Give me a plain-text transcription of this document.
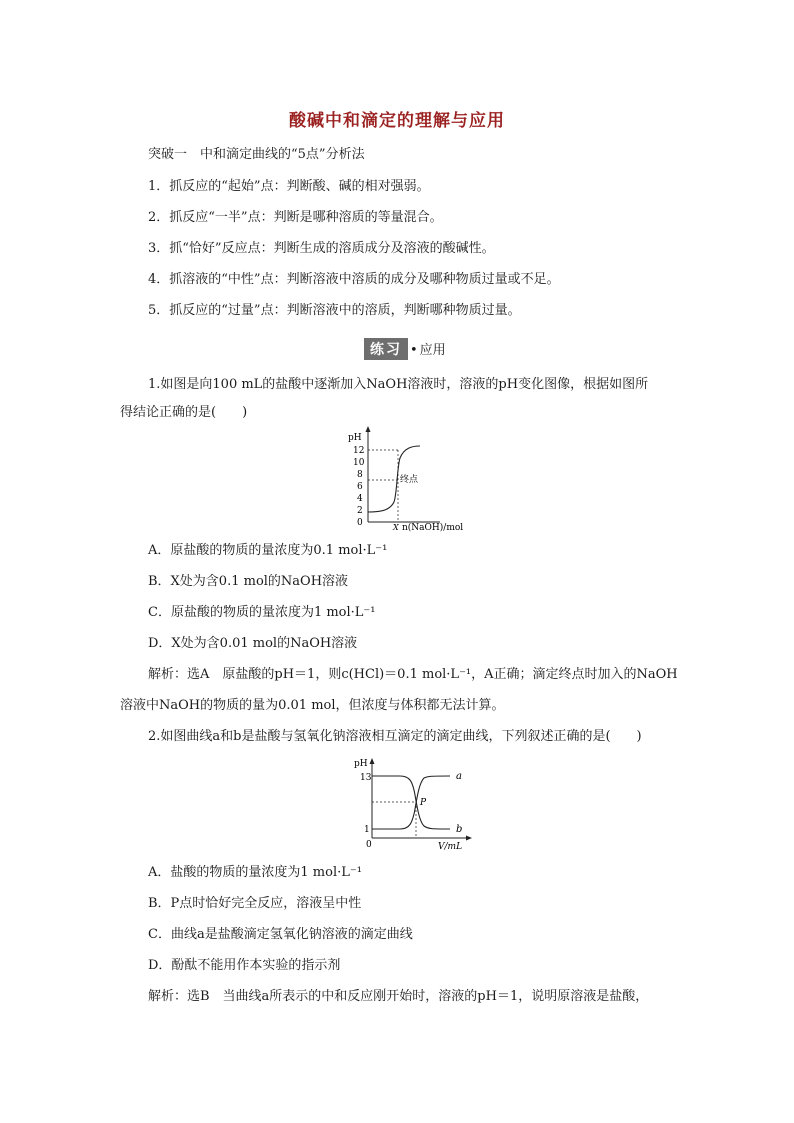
酸碱中和滴定的理解与应用
突破一　中和滴定曲线的“5点”分析法
1．抓反应的“起始”点：判断酸、碱的相对强弱。
2．抓反应“一半”点：判断是哪种溶质的等量混合。
3．抓“恰好”反应点：判断生成的溶质成分及溶液的酸碱性。
4．抓溶液的“中性”点：判断溶液中溶质的成分及哪种物质过量或不足。
5．抓反应的“过量”点：判断溶液中的溶质，判断哪种物质过量。
练习 • 应用
1.如图是向100 mL的盐酸中逐渐加入NaOH溶液时，溶液的pH变化图像，根据如图所
得结论正确的是(　　)
pH
12
10
8
6
4
2
0
终点
X n(NaOH)/mol
A．原盐酸的物质的量浓度为0.1 mol·L⁻¹
B．X处为含0.1 mol的NaOH溶液
C．原盐酸的物质的量浓度为1 mol·L⁻¹
D．X处为含0.01 mol的NaOH溶液
解析：选A　原盐酸的pH＝1，则c(HCl)＝0.1 mol·L⁻¹，A正确；滴定终点时加入的NaOH
溶液中NaOH的物质的量为0.01 mol，但浓度与体积都无法计算。
2.如图曲线a和b是盐酸与氢氧化钠溶液相互滴定的滴定曲线，下列叙述正确的是(　　)
pH
13
1
0
P
a
b
V/mL
A．盐酸的物质的量浓度为1 mol·L⁻¹
B．P点时恰好完全反应，溶液呈中性
C．曲线a是盐酸滴定氢氧化钠溶液的滴定曲线
D．酚酞不能用作本实验的指示剂
解析：选B　当曲线a所表示的中和反应刚开始时，溶液的pH＝1，说明原溶液是盐酸，
